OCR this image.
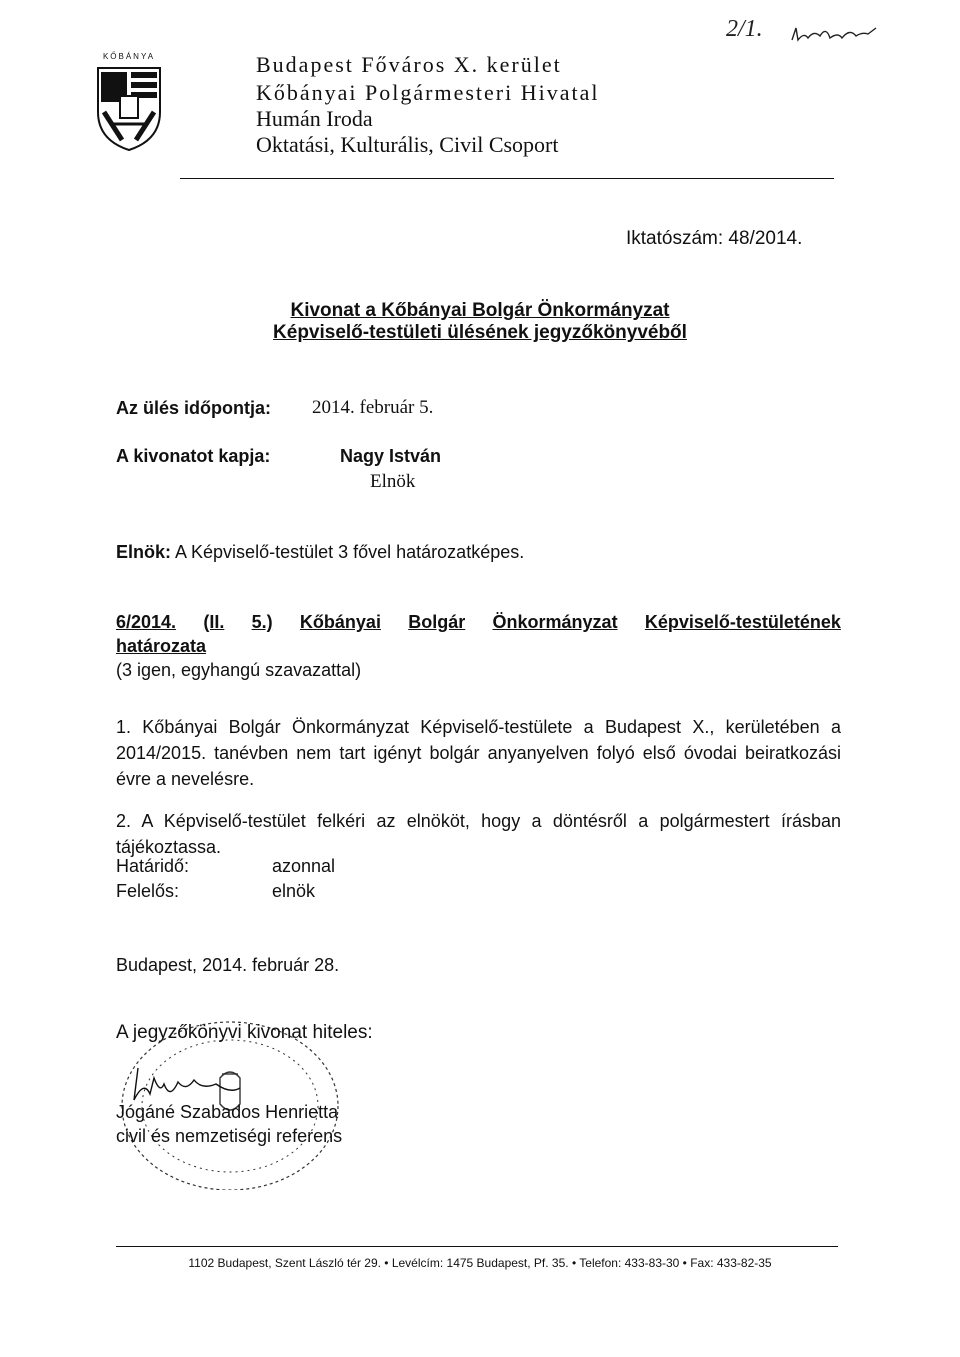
KŐBÁNYA	Budapest Főváros X. kerület
Kőbányai Polgármesteri Hivatal
Humán Iroda
Oktatási, Kulturális, Civil Csoport
2/1.
Iktatószám: 48/2014.
Kivonat a Kőbányai Bolgár Önkormányzat
Képviselő-testületi ülésének jegyzőkönyvéből
Az ülés időpontja: 2014. február 5.
A kivonatot kapja:	Nagy István
Elnök
Elnök: A Képviselő-testület 3 fővel határozatképes.
6/2014. (II. 5.) Kőbányai Bolgár Önkormányzat Képviselő-testületének
határozata
(3 igen, egyhangú szavazattal)
1. Kőbányai Bolgár Önkormányzat Képviselő-testülete a Budapest X., kerületében a 2014/2015. tanévben nem tart igényt bolgár anyanyelven folyó első óvodai beiratkozási évre a nevelésre.
2. A Képviselő-testület felkéri az elnököt, hogy a döntésről a polgármestert írásban tájékoztassa.
Határidő:	azonnal
Felelős:	elnök
Budapest, 2014. február 28.
A jegyzőkönyvi kivonat hiteles:
Jógáné Szabados Henrietta
civil és nemzetiségi referens
1102 Budapest, Szent László tér 29. • Levélcím: 1475 Budapest, Pf. 35. • Telefon: 433-83-30 • Fax: 433-82-35
